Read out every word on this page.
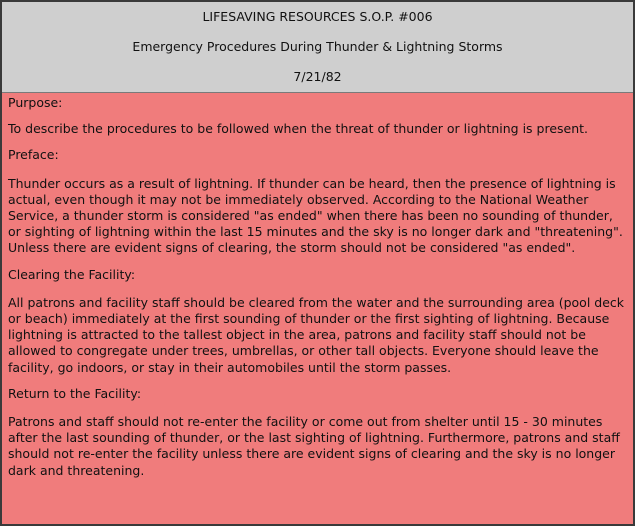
LIFESAVING RESOURCES S.O.P. #006
Emergency Procedures During Thunder & Lightning Storms
7/21/82

Purpose:

To describe the procedures to be followed when the threat of thunder or lightning is present.

Preface:

Thunder occurs as a result of lightning. If thunder can be heard, then the presence of lightning is actual, even though it may not be immediately observed. According to the National Weather Service, a thunder storm is considered "as ended" when there has been no sounding of thunder, or sighting of lightning within the last 15 minutes and the sky is no longer dark and "threatening". Unless there are evident signs of clearing, the storm should not be considered "as ended".

Clearing the Facility:

All patrons and facility staff should be cleared from the water and the surrounding area (pool deck or beach) immediately at the first sounding of thunder or the first sighting of lightning. Because lightning is attracted to the tallest object in the area, patrons and facility staff should not be allowed to congregate under trees, umbrellas, or other tall objects. Everyone should leave the facility, go indoors, or stay in their automobiles until the storm passes.

Return to the Facility:

Patrons and staff should not re-enter the facility or come out from shelter until 15 - 30 minutes after the last sounding of thunder, or the last sighting of lightning. Furthermore, patrons and staff should not re-enter the facility unless there are evident signs of clearing and the sky is no longer dark and threatening.
